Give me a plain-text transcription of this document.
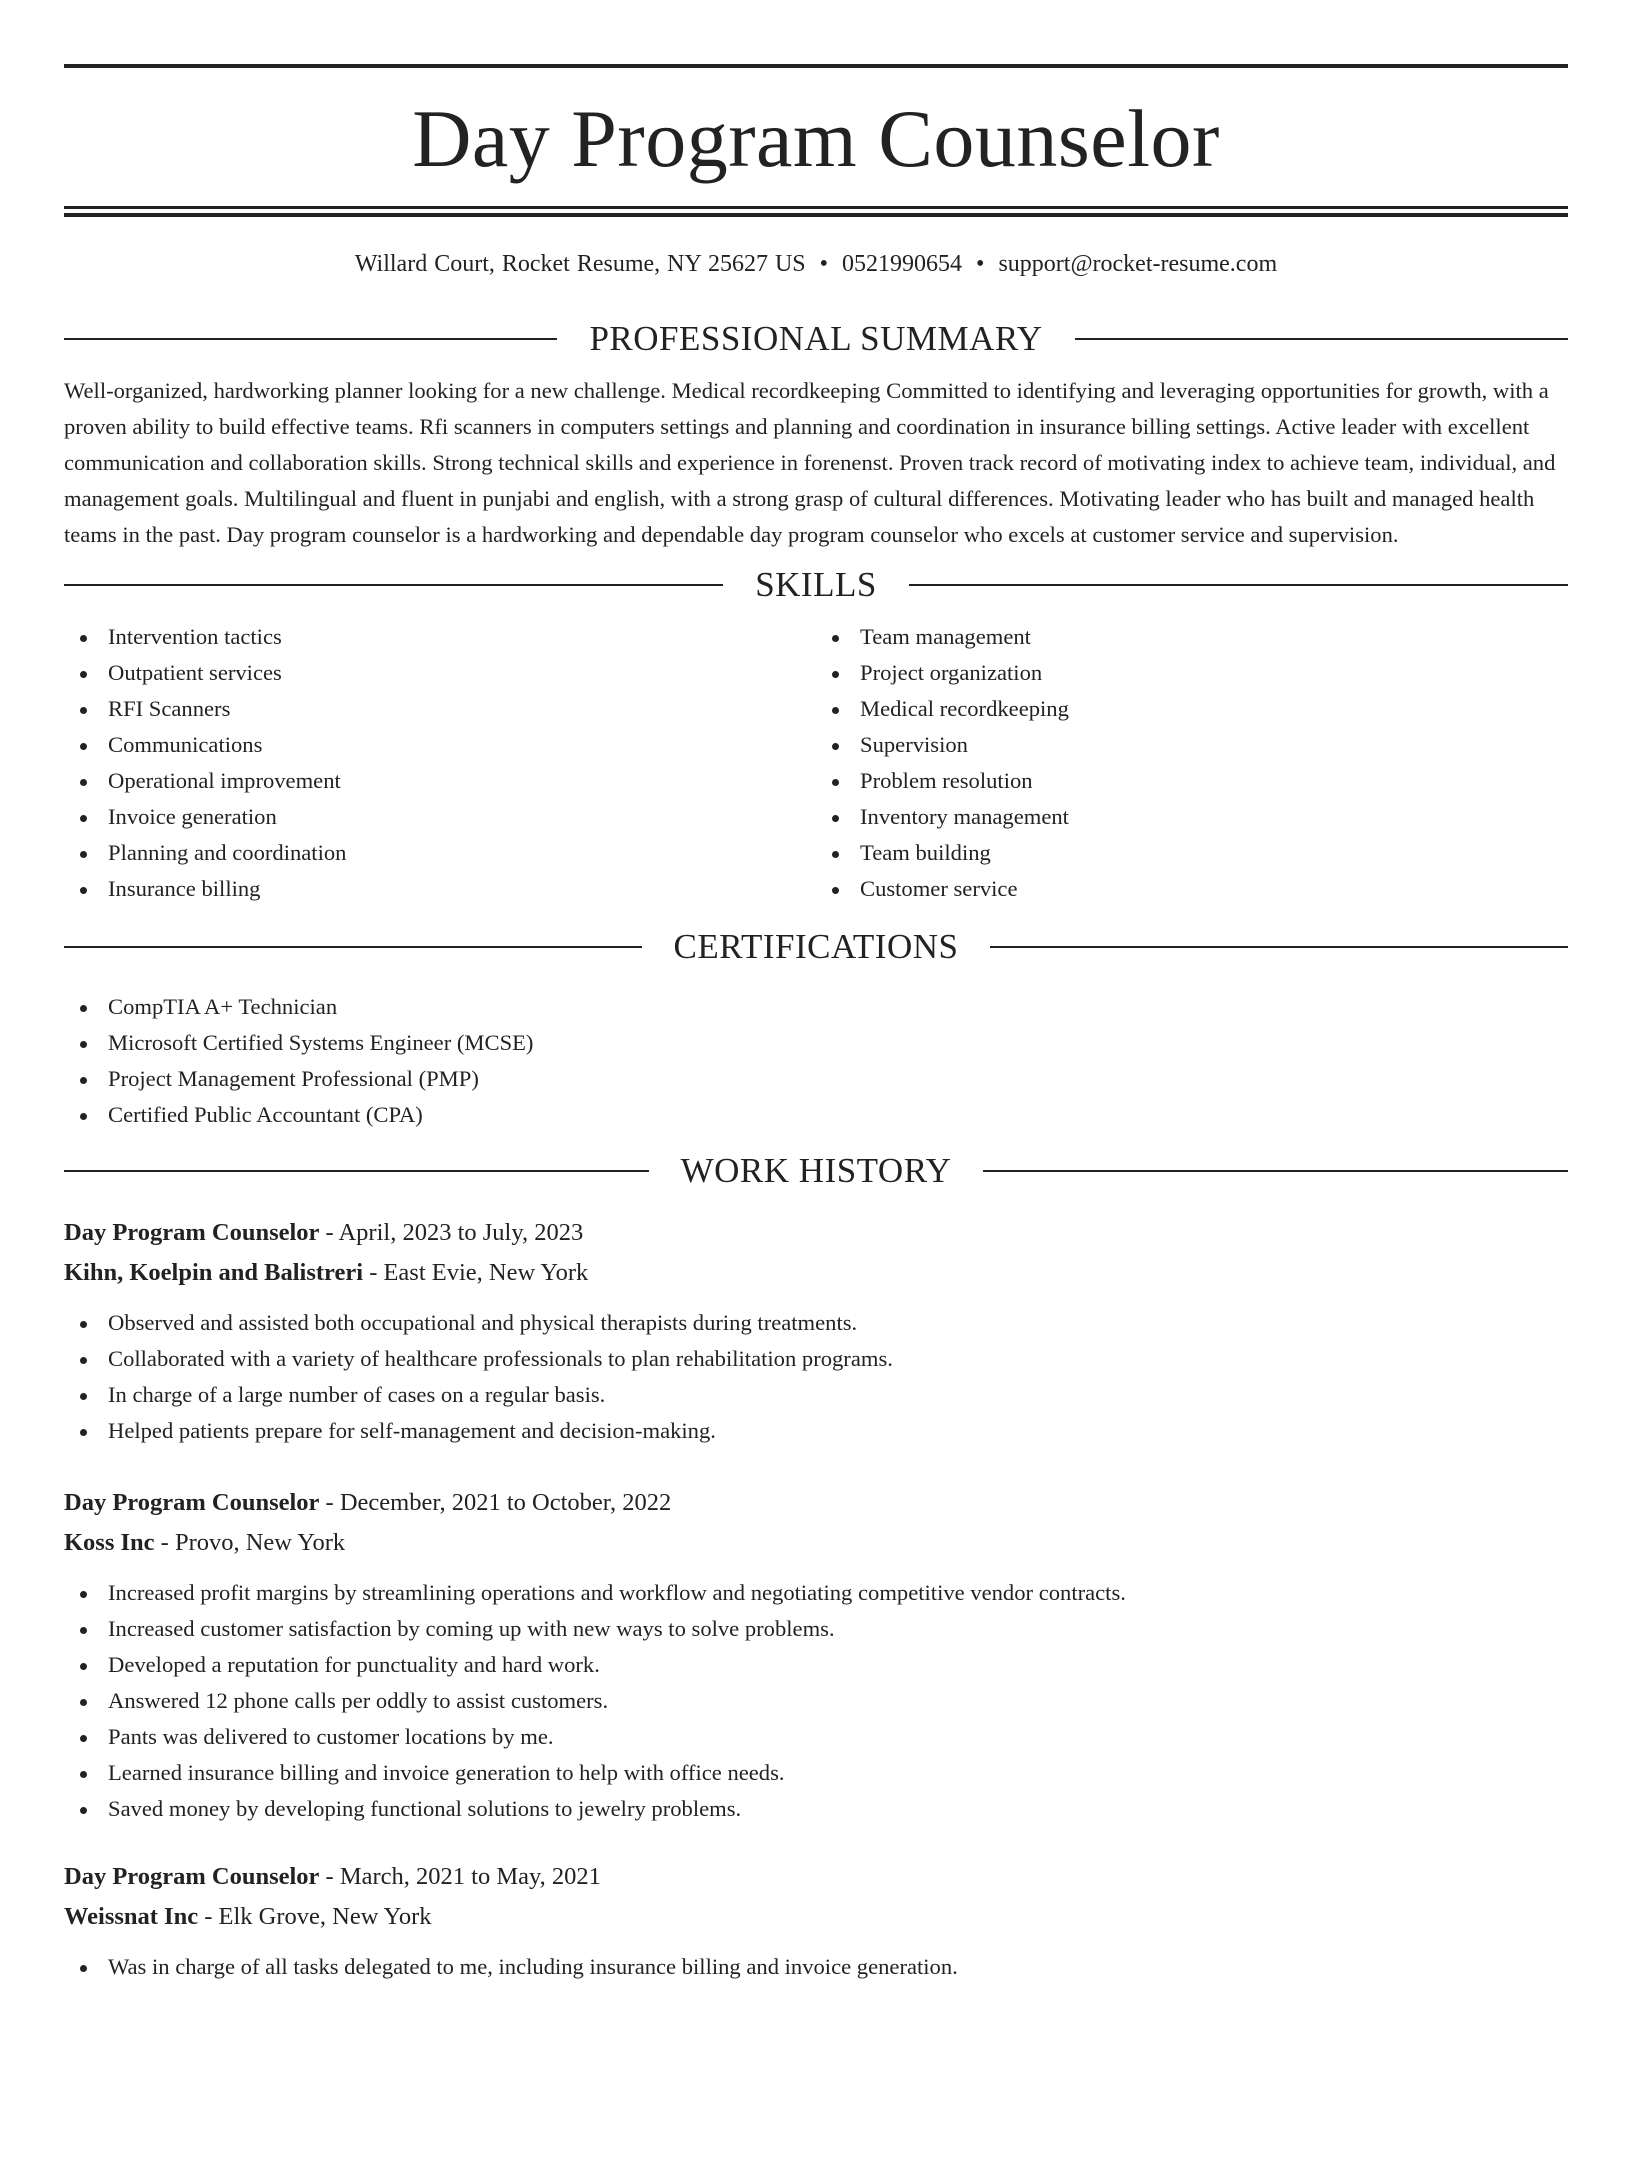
Day Program Counselor
Willard Court, Rocket Resume, NY 25627 US • 0521990654 • support@rocket-resume.com
PROFESSIONAL SUMMARY

Well-organized, hardworking planner looking for a new challenge. Medical recordkeeping Committed to identifying and leveraging opportunities for growth, with a proven ability to build effective teams. Rfi scanners in computers settings and planning and coordination in insurance billing settings. Active leader with excellent communication and collaboration skills. Strong technical skills and experience in forenenst. Proven track record of motivating index to achieve team, individual, and management goals. Multilingual and fluent in punjabi and english, with a strong grasp of cultural differences. Motivating leader who has built and managed health teams in the past. Day program counselor is a hardworking and dependable day program counselor who excels at customer service and supervision.

SKILLS
Intervention tactics
Outpatient services
RFI Scanners
Communications
Operational improvement
Invoice generation
Planning and coordination
Insurance billing
Team management
Project organization
Medical recordkeeping
Supervision
Problem resolution
Inventory management
Team building
Customer service
CERTIFICATIONS
CompTIA A+ Technician
Microsoft Certified Systems Engineer (MCSE)
Project Management Professional (PMP)
Certified Public Accountant (CPA)
WORK HISTORY
Day Program Counselor - April, 2023 to July, 2023
Kihn, Koelpin and Balistreri - East Evie, New York
Observed and assisted both occupational and physical therapists during treatments.
Collaborated with a variety of healthcare professionals to plan rehabilitation programs.
In charge of a large number of cases on a regular basis.
Helped patients prepare for self-management and decision-making.
Day Program Counselor - December, 2021 to October, 2022
Koss Inc - Provo, New York
Increased profit margins by streamlining operations and workflow and negotiating competitive vendor contracts.
Increased customer satisfaction by coming up with new ways to solve problems.
Developed a reputation for punctuality and hard work.
Answered 12 phone calls per oddly to assist customers.
Pants was delivered to customer locations by me.
Learned insurance billing and invoice generation to help with office needs.
Saved money by developing functional solutions to jewelry problems.
Day Program Counselor - March, 2021 to May, 2021
Weissnat Inc - Elk Grove, New York
Was in charge of all tasks delegated to me, including insurance billing and invoice generation.
